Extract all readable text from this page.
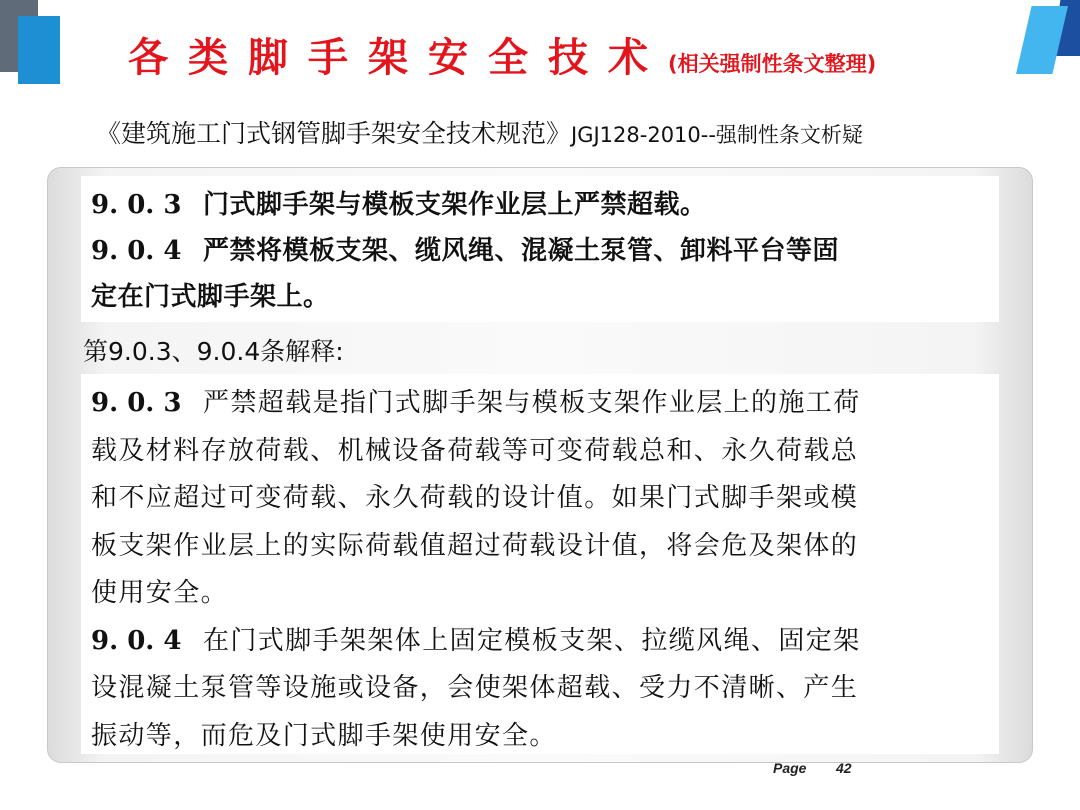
各类脚手架安全技术 (相关强制性条文整理)
《建筑施工门式钢管脚手架安全技术规范》JGJ128-2010--强制性条文析疑
9. 0. 3 门式脚手架与模板支架作业层上严禁超载。
9. 0. 4 严禁将模板支架、缆风绳、混凝土泵管、卸料平台等固
定在门式脚手架上。
第9.0.3、9.0.4条解释:
9. 0. 3 严禁超载是指门式脚手架与模板支架作业层上的施工荷
载及材料存放荷载、机械设备荷载等可变荷载总和、永久荷载总
和不应超过可变荷载、永久荷载的设计值。如果门式脚手架或模
板支架作业层上的实际荷载值超过荷载设计值，将会危及架体的
使用安全。
9. 0. 4 在门式脚手架架体上固定模板支架、拉缆风绳、固定架
设混凝土泵管等设施或设备，会使架体超载、受力不清晰、产生
振动等，而危及门式脚手架使用安全。
Page 42
